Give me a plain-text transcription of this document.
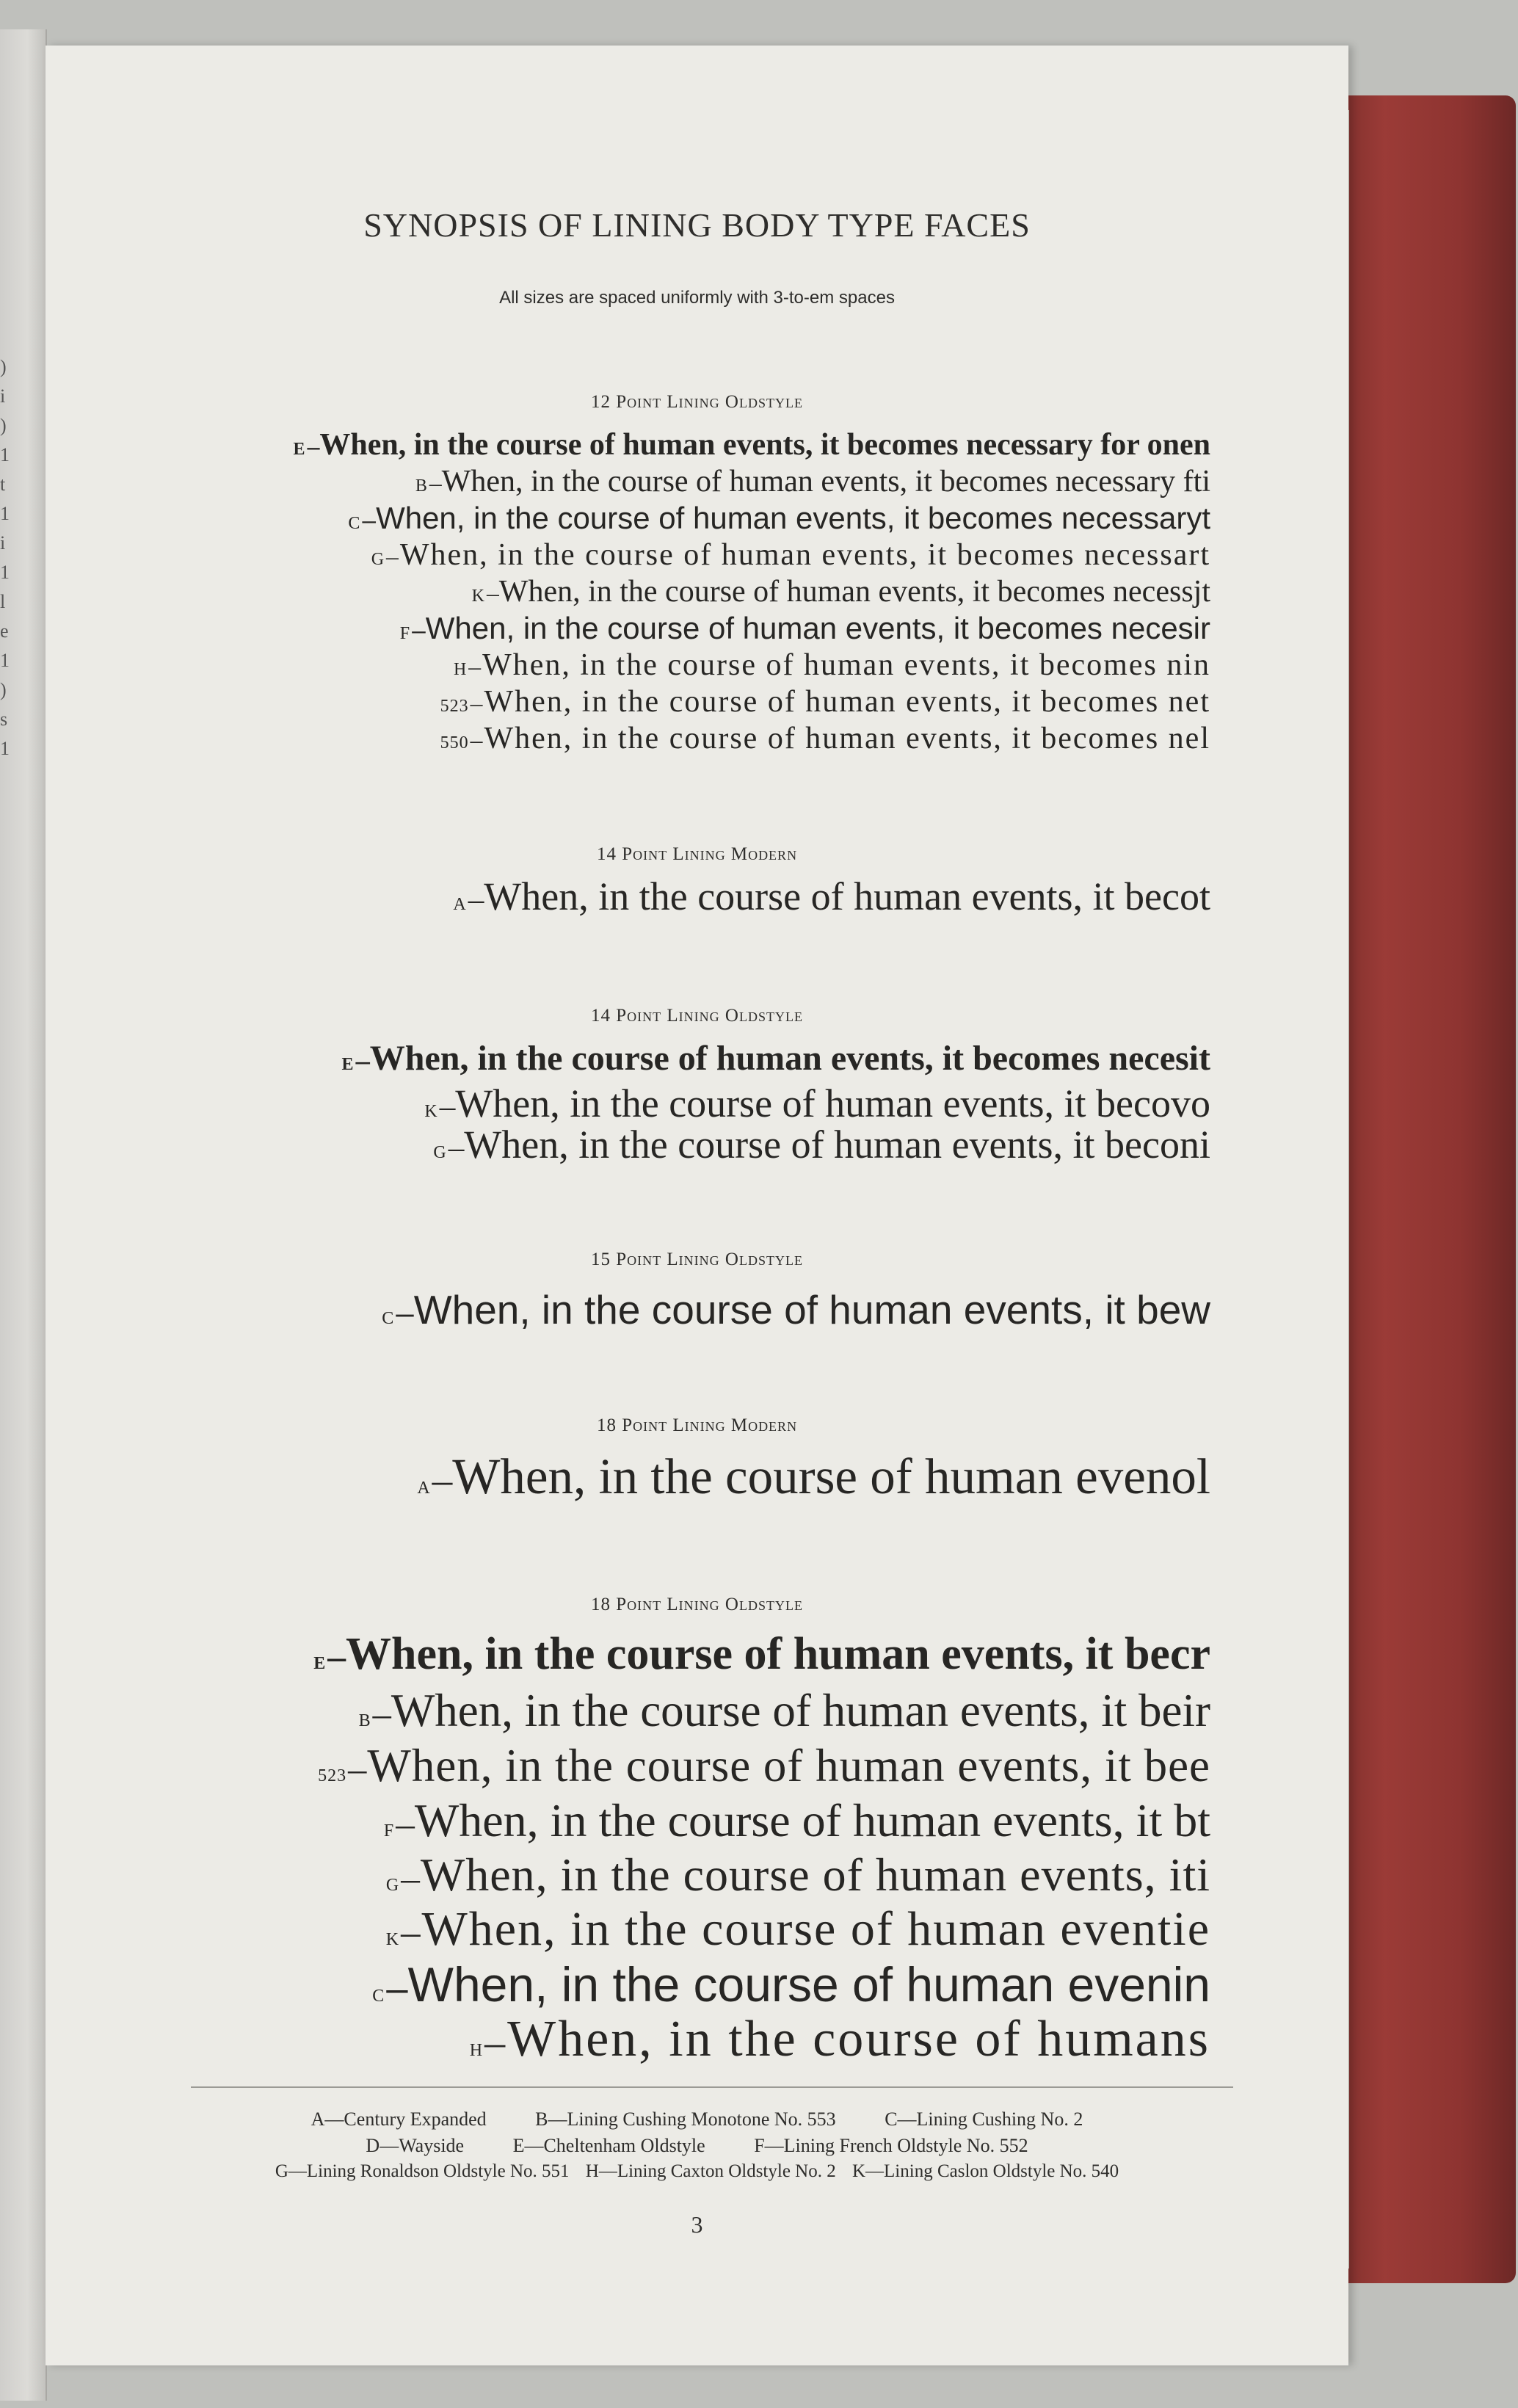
)
i
)
1
t
1
i
1
l
e
1
)
s
1
SYNOPSIS OF LINING BODY TYPE FACES
All sizes are spaced uniformly with 3-to-em spaces
12 Point Lining Oldstyle
E–When, in the course of human events, it becomes necessary for onen
B–When, in the course of human events, it becomes necessary fti
C–When, in the course of human events, it becomes necessaryt
G–When, in the course of human events, it becomes necessart
K–When, in the course of human events, it becomes necessjt
F–When, in the course of human events, it becomes necesir
H–When, in the course of human events, it becomes nin
523–When, in the course of human events, it becomes net
550–When, in the course of human events, it becomes nel
14 Point Lining Modern
A–When, in the course of human events, it becot
14 Point Lining Oldstyle
E–When, in the course of human events, it becomes necesit
K–When, in the course of human events, it becovo
G–When, in the course of human events, it beconi
15 Point Lining Oldstyle
C–When, in the course of human events, it bew
18 Point Lining Modern
A–When, in the course of human evenol
18 Point Lining Oldstyle
E–When, in the course of human events, it becr
B–When, in the course of human events, it beir
523–When, in the course of human events, it bee
F–When, in the course of human events, it bt
G–When, in the course of human events, iti
K–When, in the course of human eventie
C–When, in the course of human evenin
H–When, in the course of humans
A—Century Expanded	B—Lining Cushing Monotone No. 553	C—Lining Cushing No. 2
D—Wayside	E—Cheltenham Oldstyle	F—Lining French Oldstyle No. 552
G—Lining Ronaldson Oldstyle No. 551 H—Lining Caxton Oldstyle No. 2 K—Lining Caslon Oldstyle No. 540
3
